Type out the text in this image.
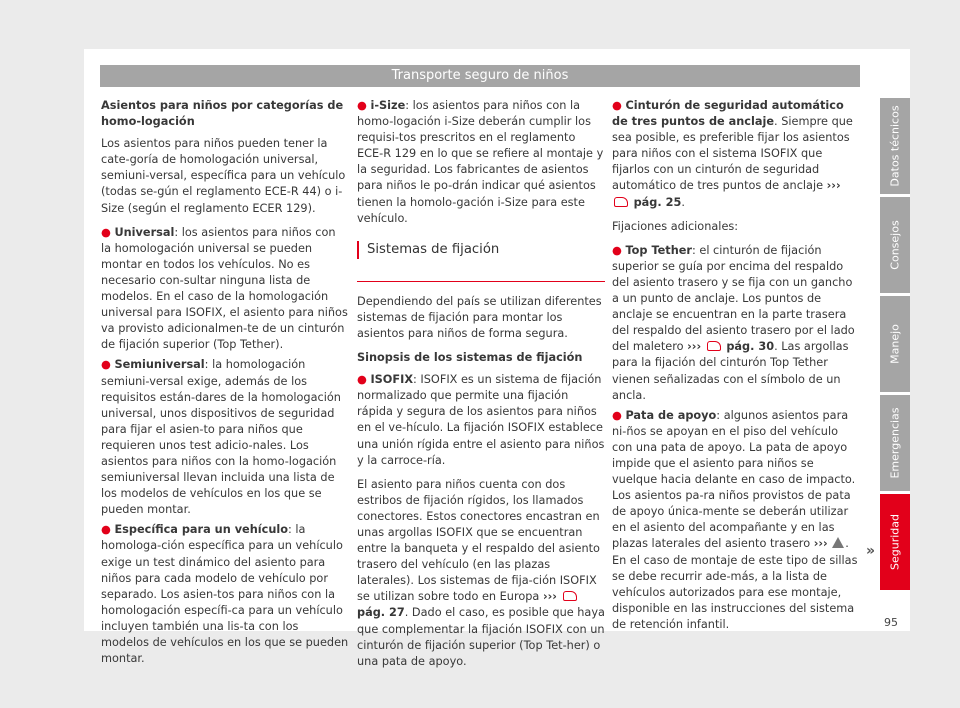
Transporte seguro de niños

Asientos para niños por categorías de homo-logación

Los asientos para niños pueden tener la cate-goría de homologación universal, semiuni-versal, específica para un vehículo (todas se-gún el reglamento ECE-R 44) o i-Size (según el reglamento ECER 129).

● Universal: los asientos para niños con la homologación universal se pueden montar en todos los vehículos. No es necesario con-sultar ninguna lista de modelos. En el caso de la homologación universal para ISOFIX, el asiento para niños va provisto adicionalmen-te de un cinturón de fijación superior (Top Tether).

● Semiuniversal: la homologación semiuni-versal exige, además de los requisitos están-dares de la homologación universal, unos dispositivos de seguridad para fijar el asien-to para niños que requieren unos test adicio-nales. Los asientos para niños con la homo-logación semiuniversal llevan incluida una lista de los modelos de vehículos en los que se pueden montar.

● Específica para un vehículo: la homologa-ción específica para un vehículo exige un test dinámico del asiento para niños para cada modelo de vehículo por separado. Los asien-tos para niños con la homologación específi-ca para un vehículo incluyen también una lis-ta con los modelos de vehículos en los que se pueden montar.

● i-Size: los asientos para niños con la homo-logación i-Size deberán cumplir los requisi-tos prescritos en el reglamento ECE-R 129 en lo que se refiere al montaje y la seguridad. Los fabricantes de asientos para niños le po-drán indicar qué asientos tienen la homolo-gación i-Size para este vehículo.

Sistemas de fijación

Dependiendo del país se utilizan diferentes sistemas de fijación para montar los asientos para niños de forma segura.

Sinopsis de los sistemas de fijación

● ISOFIX: ISOFIX es un sistema de fijación normalizado que permite una fijación rápida y segura de los asientos para niños en el ve-hículo. La fijación ISOFIX establece una unión rígida entre el asiento para niños y la carroce-ría.

El asiento para niños cuenta con dos estribos de fijación rígidos, los llamados conectores. Estos conectores encastran en unas argollas ISOFIX que se encuentran entre la banqueta y el respaldo del asiento trasero del vehículo (en las plazas laterales). Los sistemas de fija-ción ISOFIX se utilizan sobre todo en Europa ›››  pág. 27. Dado el caso, es posible que haya que complementar la fijación ISOFIX con un cinturón de fijación superior (Top Tet-her) o una pata de apoyo.

● Cinturón de seguridad automático de tres puntos de anclaje. Siempre que sea posible, es preferible fijar los asientos para niños con el sistema ISOFIX que fijarlos con un cinturón de seguridad automático de tres puntos de anclaje ›››  pág. 25.

Fijaciones adicionales:

● Top Tether: el cinturón de fijación superior se guía por encima del respaldo del asiento trasero y se fija con un gancho a un punto de anclaje. Los puntos de anclaje se encuentran en la parte trasera del respaldo del asiento trasero por el lado del maletero ››› pág. 30. Las argollas para la fijación del cinturón Top Tether vienen señalizadas con el símbolo de un ancla.

● Pata de apoyo: algunos asientos para ni-ños se apoyan en el piso del vehículo con una pata de apoyo. La pata de apoyo impide que el asiento para niños se vuelque hacia delante en caso de impacto. Los asientos pa-ra niños provistos de pata de apoyo única-mente se deberán utilizar en el asiento del acompañante y en las plazas laterales del asiento trasero ››› . En el caso de montaje de este tipo de sillas se debe recurrir ade-más, a la lista de vehículos autorizados para ese montaje, disponible en las instrucciones del sistema de retención infantil.

»
Datos técnicos
Consejos
Manejo
Emergencias
Seguridad
95
